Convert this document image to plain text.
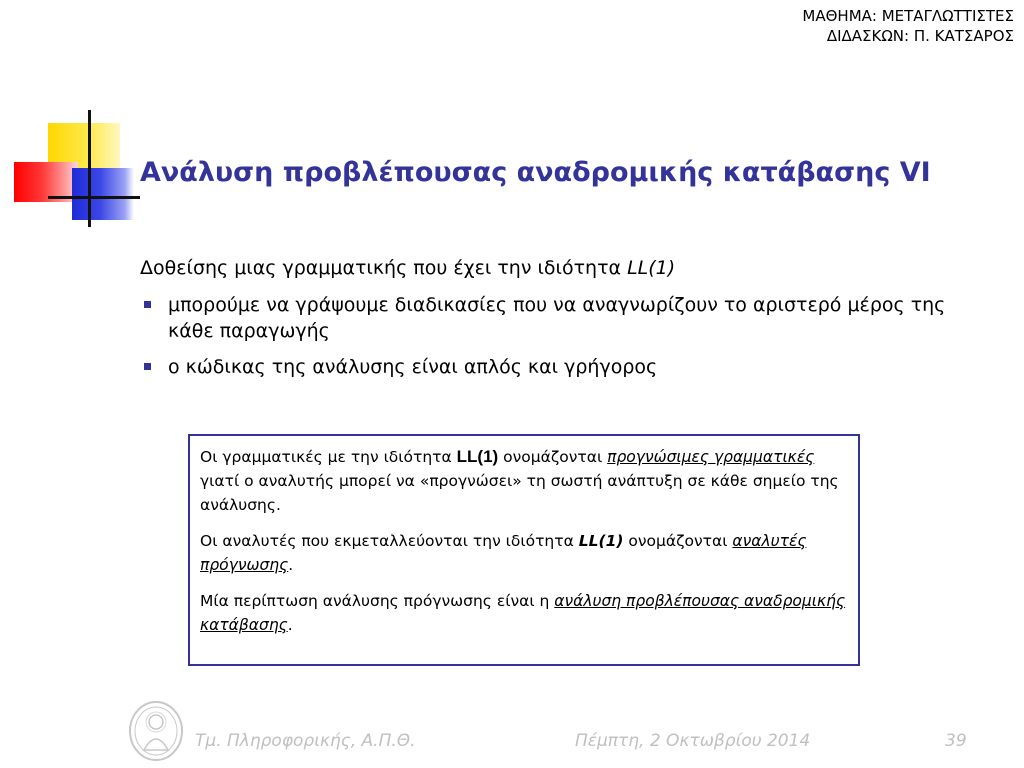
ΜΑΘΗΜΑ: ΜΕΤΑΓΛΩΤΤΙΣΤΕΣ
ΔΙΔΑΣΚΩΝ: Π. ΚΑΤΣΑΡΟΣ
Ανάλυση προβλέπουσας αναδρομικής κατάβασης VI
Δοθείσης μιας γραμματικής που έχει την ιδιότητα LL(1)
μπορούμε να γράψουμε διαδικασίες που να αναγνωρίζουν το αριστερό μέρος της κάθε παραγωγής
ο κώδικας της ανάλυσης είναι απλός και γρήγορος

Οι γραμματικές με την ιδιότητα LL(1) ονομάζονται προγνώσιμες γραμματικές γιατί ο αναλυτής μπορεί να «προγνώσει» τη σωστή ανάπτυξη σε κάθε σημείο της ανάλυσης.

Οι αναλυτές που εκμεταλλεύονται την ιδιότητα LL(1) ονομάζονται αναλυτές πρόγνωσης.

Μία περίπτωση ανάλυσης πρόγνωσης είναι η ανάλυση προβλέπουσας αναδρομικής κατάβασης.

Τμ. Πληροφορικής, Α.Π.Θ.	Πέμπτη, 2 Οκτωβρίου 2014	39
